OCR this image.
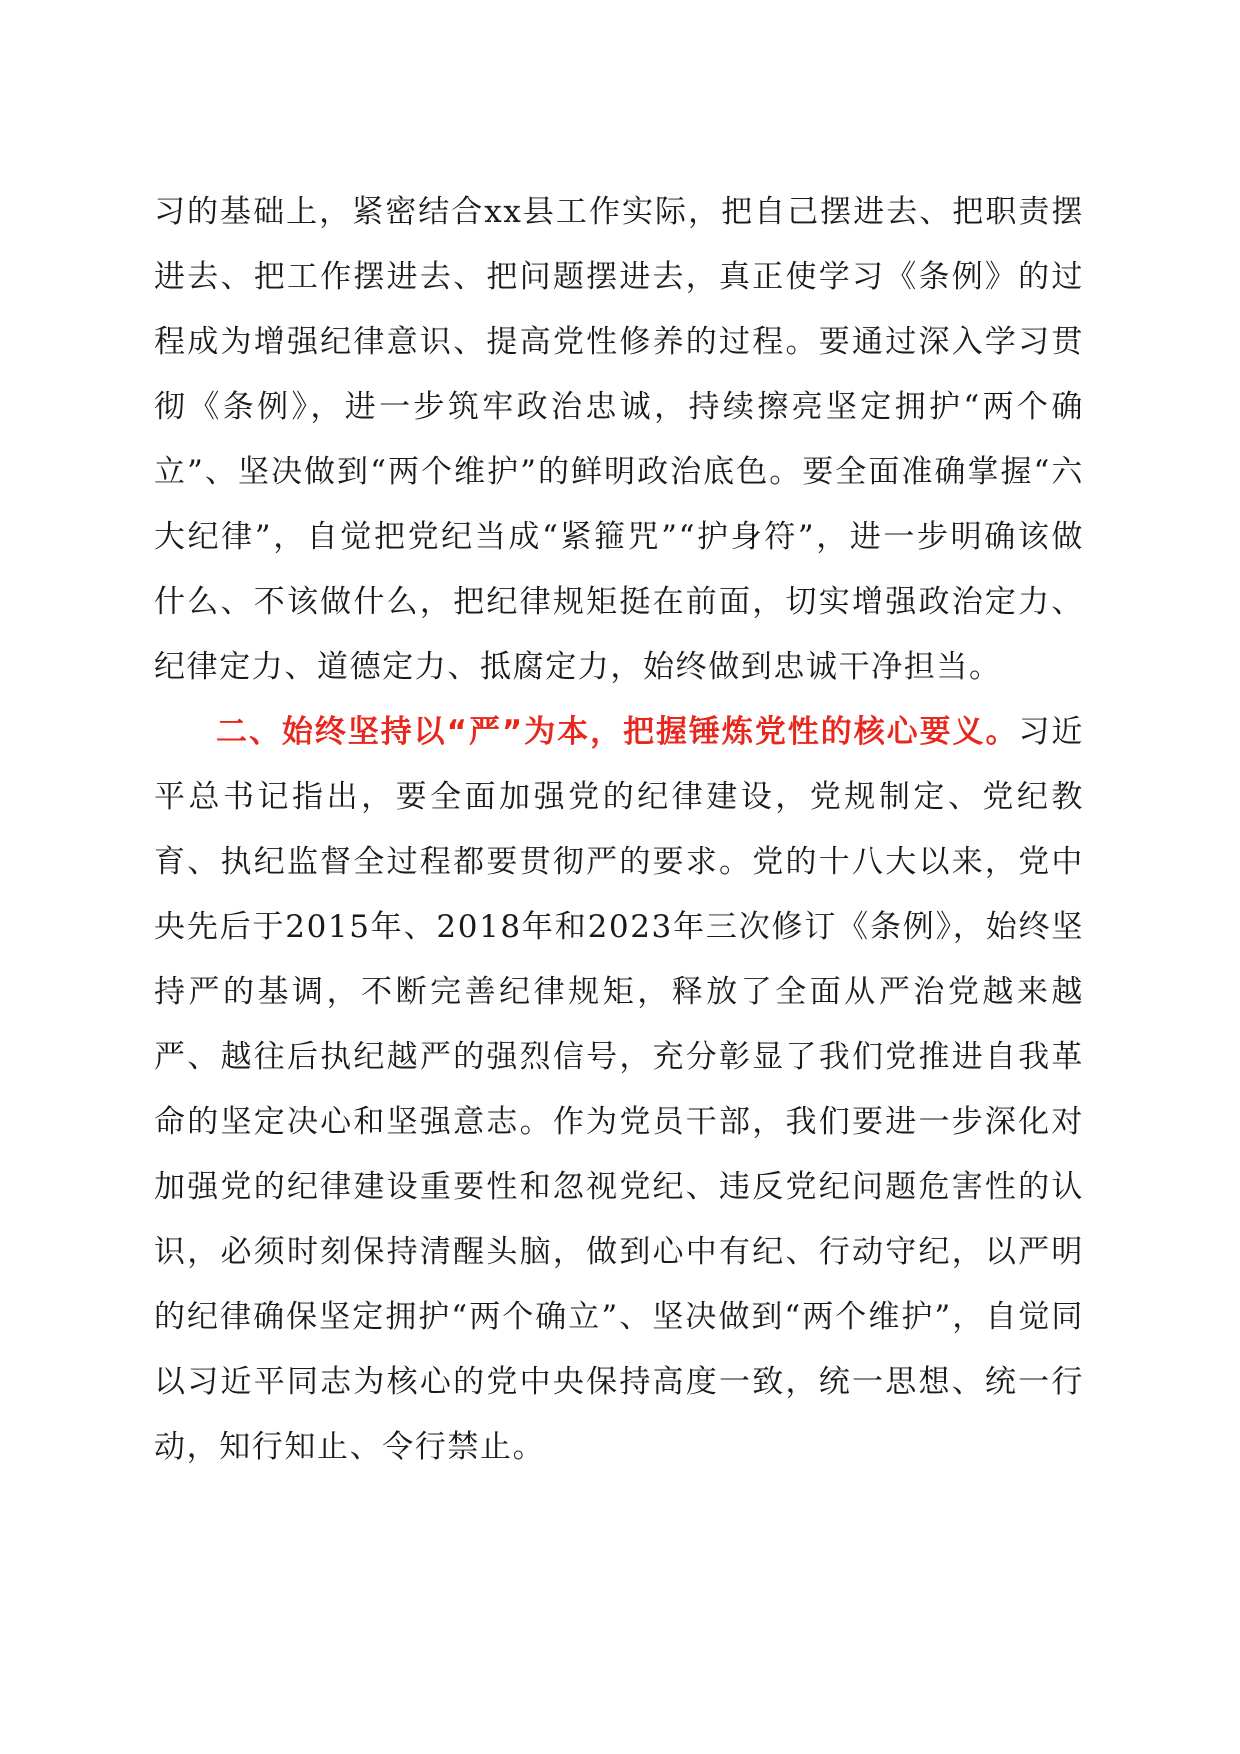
习的基础上，紧密结合xx县工作实际，把自己摆进去、把职责摆进去、把工作摆进去、把问题摆进去，真正使学习《条例》的过程成为增强纪律意识、提高党性修养的过程。要通过深入学习贯彻《条例》，进一步筑牢政治忠诚，持续擦亮坚定拥护“两个确立”、坚决做到“两个维护”的鲜明政治底色。要全面准确掌握“六大纪律”，自觉把党纪当成“紧箍咒”“护身符”，进一步明确该做什么、不该做什么，把纪律规矩挺在前面，切实增强政治定力、纪律定力、道德定力、抵腐定力，始终做到忠诚干净担当。

二、始终坚持以“严”为本，把握锤炼党性的核心要义。习近平总书记指出，要全面加强党的纪律建设，党规制定、党纪教育、执纪监督全过程都要贯彻严的要求。党的十八大以来，党中央先后于2015年、2018年和2023年三次修订《条例》，始终坚持严的基调，不断完善纪律规矩，释放了全面从严治党越来越严、越往后执纪越严的强烈信号，充分彰显了我们党推进自我革命的坚定决心和坚强意志。作为党员干部，我们要进一步深化对加强党的纪律建设重要性和忽视党纪、违反党纪问题危害性的认识，必须时刻保持清醒头脑，做到心中有纪、行动守纪，以严明的纪律确保坚定拥护“两个确立”、坚决做到“两个维护”，自觉同以习近平同志为核心的党中央保持高度一致，统一思想、统一行动，知行知止、令行禁止。
